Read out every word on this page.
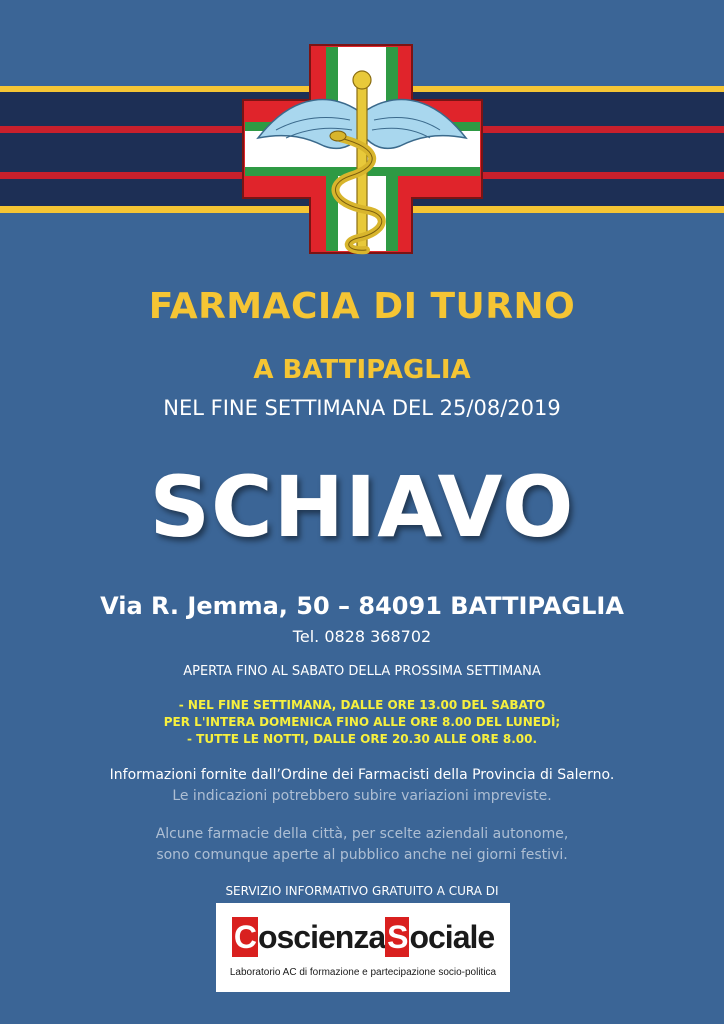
FARMACIA DI TURNO
A BATTIPAGLIA
NEL FINE SETTIMANA DEL 25/08/2019
SCHIAVO
Via R. Jemma, 50 – 84091 BATTIPAGLIA
Tel. 0828 368702
APERTA FINO AL SABATO DELLA PROSSIMA SETTIMANA
- NEL FINE SETTIMANA, DALLE ORE 13.00 DEL SABATO
PER L'INTERA DOMENICA FINO ALLE ORE 8.00 DEL LUNEDÌ;
- TUTTE LE NOTTI, DALLE ORE 20.30 ALLE ORE 8.00.
Informazioni fornite dall’Ordine dei Farmacisti della Provincia di Salerno.
Le indicazioni potrebbero subire variazioni impreviste.
Alcune farmacie della città, per scelte aziendali autonome,
sono comunque aperte al pubblico anche nei giorni festivi.
SERVIZIO INFORMATIVO GRATUITO A CURA DI
CoscienzaSociale
Laboratorio AC di formazione e partecipazione socio-politica
